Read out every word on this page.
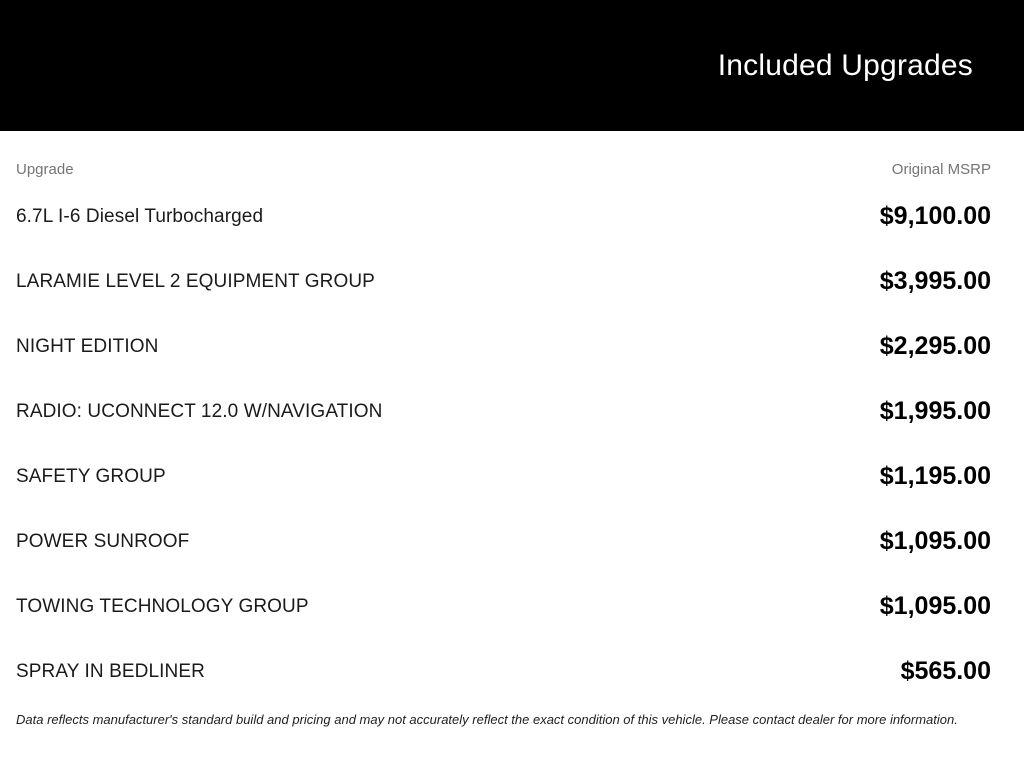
Included Upgrades
Upgrade	Original MSRP
6.7L I-6 Diesel Turbocharged	$9,100.00
LARAMIE LEVEL 2 EQUIPMENT GROUP	$3,995.00
NIGHT EDITION	$2,295.00
RADIO: UCONNECT 12.0 W/NAVIGATION	$1,995.00
SAFETY GROUP	$1,195.00
POWER SUNROOF	$1,095.00
TOWING TECHNOLOGY GROUP	$1,095.00
SPRAY IN BEDLINER	$565.00
Data reflects manufacturer's standard build and pricing and may not accurately reflect the exact condition of this vehicle. Please contact dealer for more information.
